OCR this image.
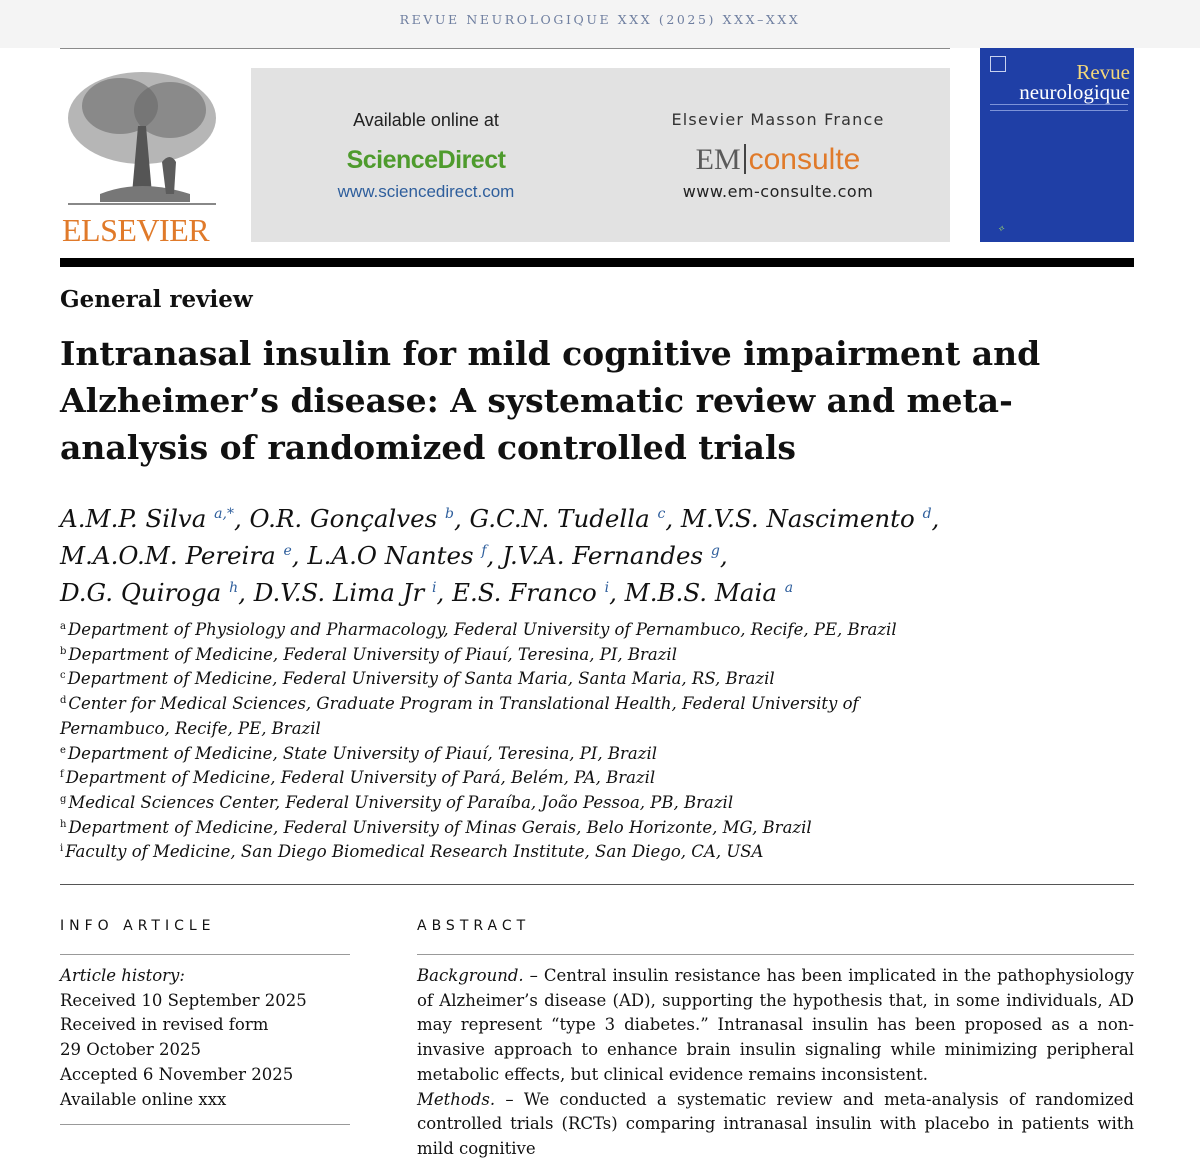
REVUE NEUROLOGIQUE XXX (2025) XXX–XXX
ELSEVIER
Available online at
ScienceDirect
www.sciencedirect.com
Elsevier Masson France
EM consulte
www.em-consulte.com
Revue
neurologique
⟡
General review
Intranasal insulin for mild cognitive impairment and Alzheimer’s disease: A systematic review and meta-analysis of randomized controlled trials
A.M.P. Silva $^{a,*}$, O.R. Gonçalves $^b$, G.C.N. Tudella $^c$, M.V.S. Nascimento $^d$,
M.A.O.M. Pereira $^e$, L.A.O Nantes $^f$, J.V.A. Fernandes $^g$,
D.G. Quiroga $^h$, D.V.S. Lima Jr $^i$, E.S. Franco $^i$, M.B.S. Maia $^a$

$^a$ Department of Physiology and Pharmacology, Federal University of Pernambuco, Recife, PE, Brazil

$^b$ Department of Medicine, Federal University of Piauí, Teresina, PI, Brazil

$^c$ Department of Medicine, Federal University of Santa Maria, Santa Maria, RS, Brazil

$^d$ Center for Medical Sciences, Graduate Program in Translational Health, Federal University of Pernambuco, Recife, PE, Brazil

$^e$ Department of Medicine, State University of Piauí, Teresina, PI, Brazil

$^f$ Department of Medicine, Federal University of Pará, Belém, PA, Brazil

$^g$ Medical Sciences Center, Federal University of Paraíba, João Pessoa, PB, Brazil

$^h$ Department of Medicine, Federal University of Minas Gerais, Belo Horizonte, MG, Brazil

$^i$ Faculty of Medicine, San Diego Biomedical Research Institute, San Diego, CA, USA

INFO ARTICLE
Article history:
Received 10 September 2025
Received in revised form
29 October 2025
Accepted 6 November 2025
Available online xxx
ABSTRACT

Background. – Central insulin resistance has been implicated in the pathophysiology of Alzheimer’s disease (AD), supporting the hypothesis that, in some individuals, AD may represent “type 3 diabetes.” Intranasal insulin has been proposed as a non-invasive approach to enhance brain insulin signaling while minimizing peripheral metabolic effects, but clinical evidence remains inconsistent.

Methods. – We conducted a systematic review and meta-analysis of randomized controlled trials (RCTs) comparing intranasal insulin with placebo in patients with mild cognitive
